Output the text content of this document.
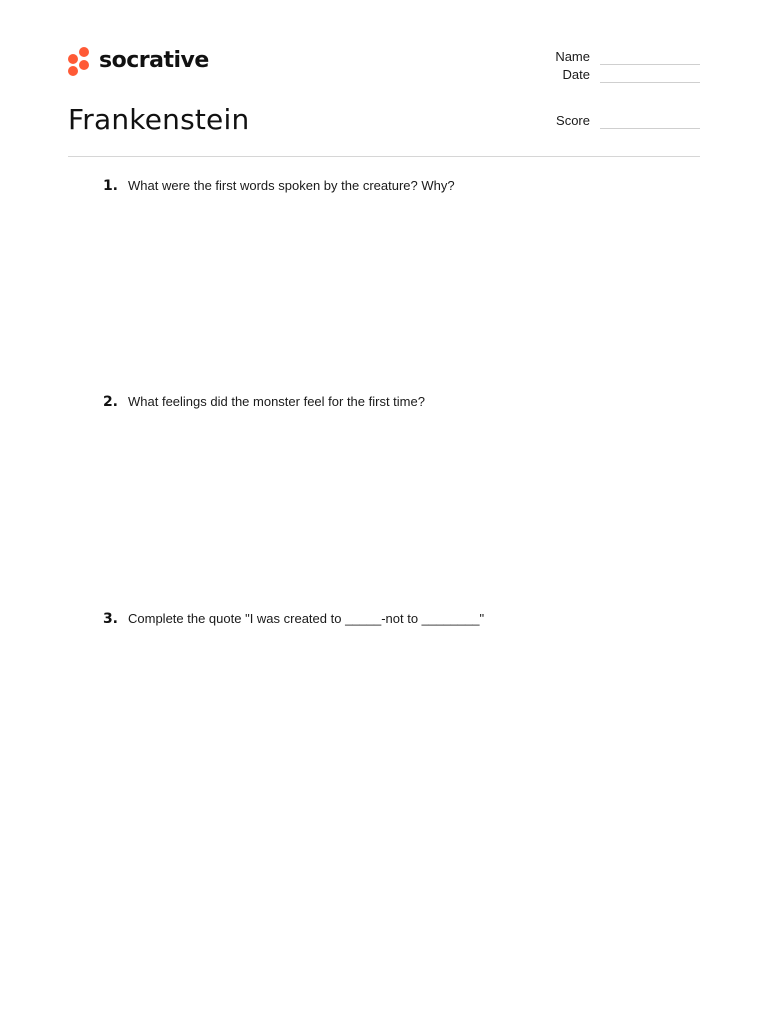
socrative
Frankenstein
Name
Date
Score
1. What were the first words spoken by the creature? Why?
2. What feelings did the monster feel for the first time?
3. Complete the quote "I was created to _____-not to ________"
